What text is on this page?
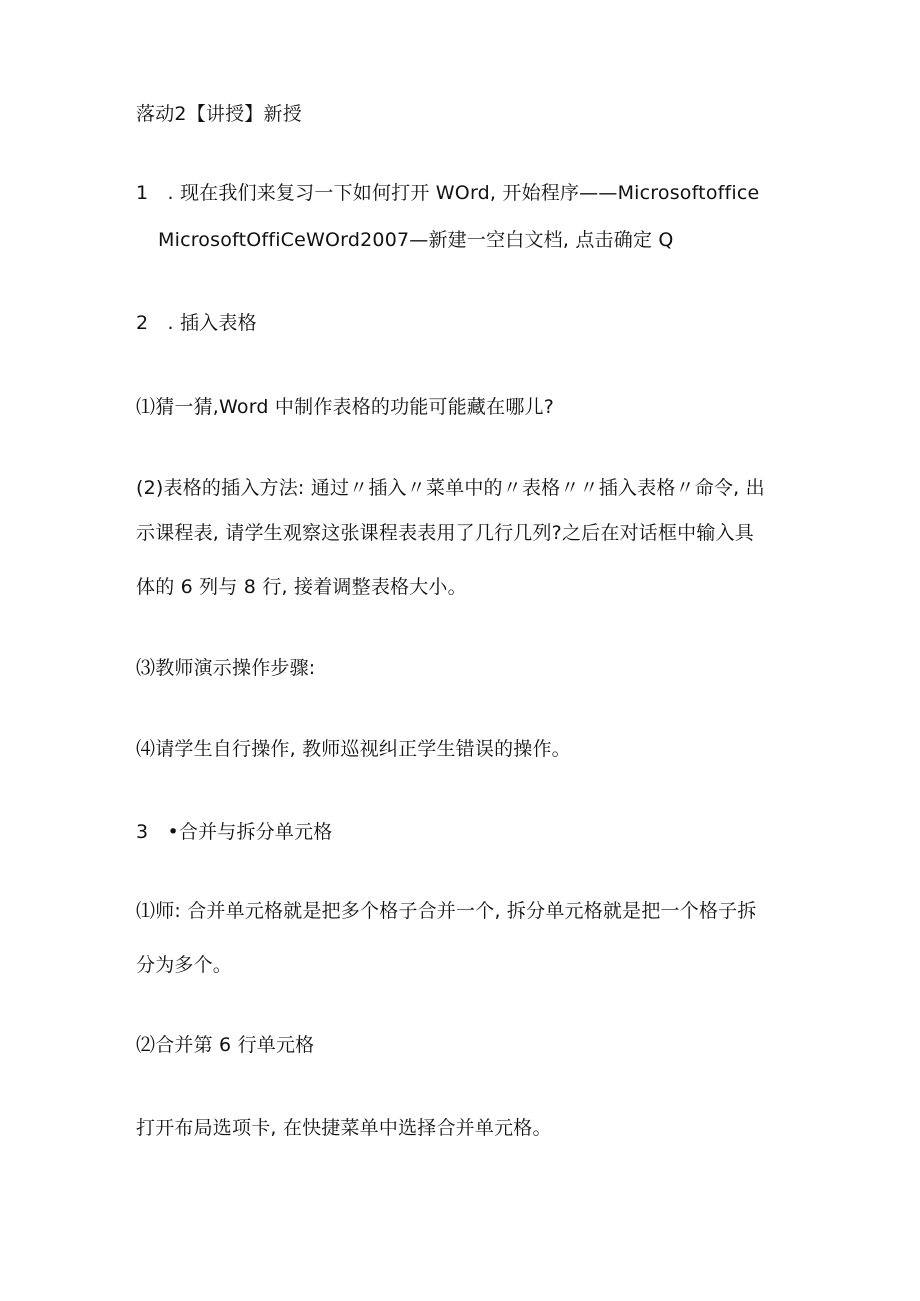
落动2【讲授】新授
1　. 现在我们来复习一下如何打开 WOrd, 开始程序——Microsoftoffice
MicrosoftOffiCeWOrd2007—新建一空白文档, 点击确定 Q
2　. 插入表格
⑴猜一猜,Word 中制作表格的功能可能藏在哪儿?
(2)表格的插入方法: 通过〃插入〃菜单中的〃表格〃〃插入表格〃命令, 出
示课程表, 请学生观察这张课程表表用了几行几列?之后在对话框中输入具
体的 6 列与 8 行, 接着调整表格大小。
⑶教师演示操作步骤:
⑷请学生自行操作, 教师巡视纠正学生错误的操作。
3　•合并与拆分单元格
⑴师: 合并单元格就是把多个格子合并一个, 拆分单元格就是把一个格子拆
分为多个。
⑵合并第 6 行单元格
打开布局选项卡, 在快捷菜单中选择合并单元格。
